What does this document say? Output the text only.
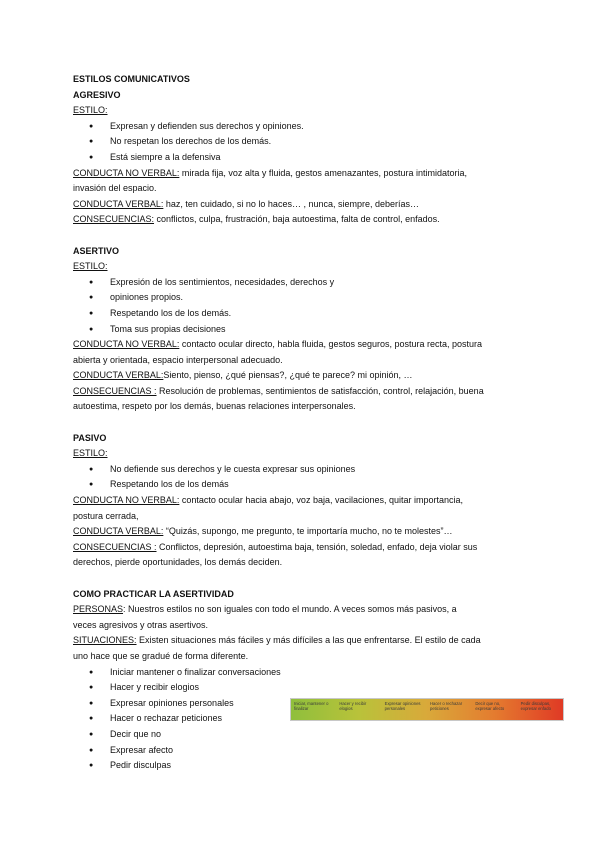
ESTILOS COMUNICATIVOS
AGRESIVO
ESTILO:
● Expresan y defienden sus derechos y opiniones.
● No respetan los derechos de los demás.
● Está siempre a la defensiva
CONDUCTA NO VERBAL: mirada fija, voz alta y fluida, gestos amenazantes, postura intimidatoria,
invasión del espacio.
CONDUCTA VERBAL: haz, ten cuidado, si no lo haces… , nunca, siempre, deberías…
CONSECUENCIAS: conflictos, culpa, frustración, baja autoestima, falta de control, enfados.
ASERTIVO
ESTILO:
● Expresión de los sentimientos, necesidades, derechos y
● opiniones propios.
● Respetando los de los demás.
● Toma sus propias decisiones
CONDUCTA NO VERBAL: contacto ocular directo, habla fluida, gestos seguros, postura recta, postura
abierta y orientada, espacio interpersonal adecuado.
CONDUCTA VERBAL:Siento, pienso, ¿qué piensas?, ¿qué te parece? mi opinión, …
CONSECUENCIAS : Resolución de problemas, sentimientos de satisfacción, control, relajación, buena
autoestima, respeto por los demás, buenas relaciones interpersonales.
PASIVO
ESTILO:
● No defiende sus derechos y le cuesta expresar sus opiniones
● Respetando los de los demás
CONDUCTA NO VERBAL: contacto ocular hacia abajo, voz baja, vacilaciones, quitar importancia,
postura cerrada,
CONDUCTA VERBAL: “Quizás, supongo, me pregunto, te importaría mucho, no te molestes”…
CONSECUENCIAS : Conflictos, depresión, autoestima baja, tensión, soledad, enfado, deja violar sus
derechos, pierde oportunidades, los demás deciden.
COMO PRACTICAR LA ASERTIVIDAD
PERSONAS: Nuestros estilos no son iguales con todo el mundo. A veces somos más pasivos, a
veces agresivos y otras asertivos.
SITUACIONES: Existen situaciones más fáciles y más difíciles a las que enfrentarse. El estilo de cada
uno hace que se gradué de forma diferente.
● Iniciar mantener o finalizar conversaciones
● Hacer y recibir elogios
● Expresar opiniones personales
● Hacer o rechazar peticiones
● Decir que no
● Expresar afecto
● Pedir disculpas
Iniciar, mantener o finalizar
Hacer y recibir elogios
Expresar opiniones personales
Hacer o rechazar peticiones
Decir que no, expresar afecto
Pedir disculpas, expresar enfado
